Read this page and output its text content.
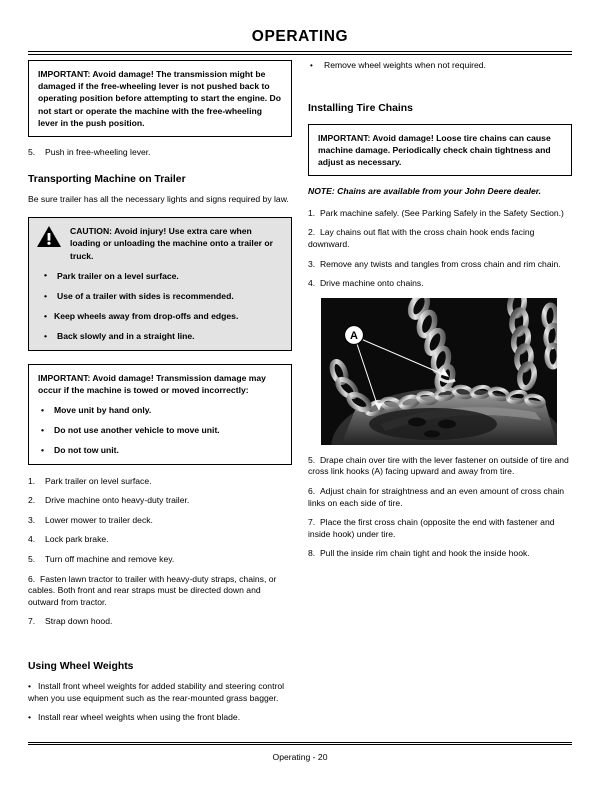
OPERATING

IMPORTANT: Avoid damage! The transmission might be damaged if the free-wheeling lever is not pushed back to operating position before attempting to start the engine. Do not start or operate the machine with the free-wheeling lever in the push position.

5. Push in free-wheeling lever.
Transporting Machine on Trailer

Be sure trailer has all the necessary lights and signs required by law.

CAUTION: Avoid injury! Use extra care when loading or unloading the machine onto a trailer or truck.

• Park trailer on a level surface.

• Use of a trailer with sides is recommended.

• Keep wheels away from drop-offs and edges.

• Back slowly and in a straight line.

IMPORTANT: Avoid damage! Transmission damage may occur if the machine is towed or moved incorrectly:

• Move unit by hand only.

• Do not use another vehicle to move unit.

• Do not tow unit.

1. Park trailer on level surface.
2. Drive machine onto heavy-duty trailer.
3. Lower mower to trailer deck.
4. Lock park brake.
5. Turn off machine and remove key.
6. Fasten lawn tractor to trailer with heavy-duty straps, chains, or cables. Both front and rear straps must be directed down and outward from tractor.
7. Strap down hood.
Using Wheel Weights
• Install front wheel weights for added stability and steering control when you use equipment such as the rear-mounted grass bagger.
• Install rear wheel weights when using the front blade.
• Remove wheel weights when not required.
Installing Tire Chains

IMPORTANT: Avoid damage! Loose tire chains can cause machine damage. Periodically check chain tightness and adjust as necessary.

NOTE: Chains are available from your John Deere dealer.
1. Park machine safely. (See Parking Safely in the Safety Section.)
2. Lay chains out flat with the cross chain hook ends facing downward.
3. Remove any twists and tangles from cross chain and rim chain.
4. Drive machine onto chains.
A
5. Drape chain over tire with the lever fastener on outside of tire and cross link hooks (A) facing upward and away from tire.
6. Adjust chain for straightness and an even amount of cross chain links on each side of tire.
7. Place the first cross chain (opposite the end with fastener and inside hook) under tire.
8. Pull the inside rim chain tight and hook the inside hook.
Operating - 20
